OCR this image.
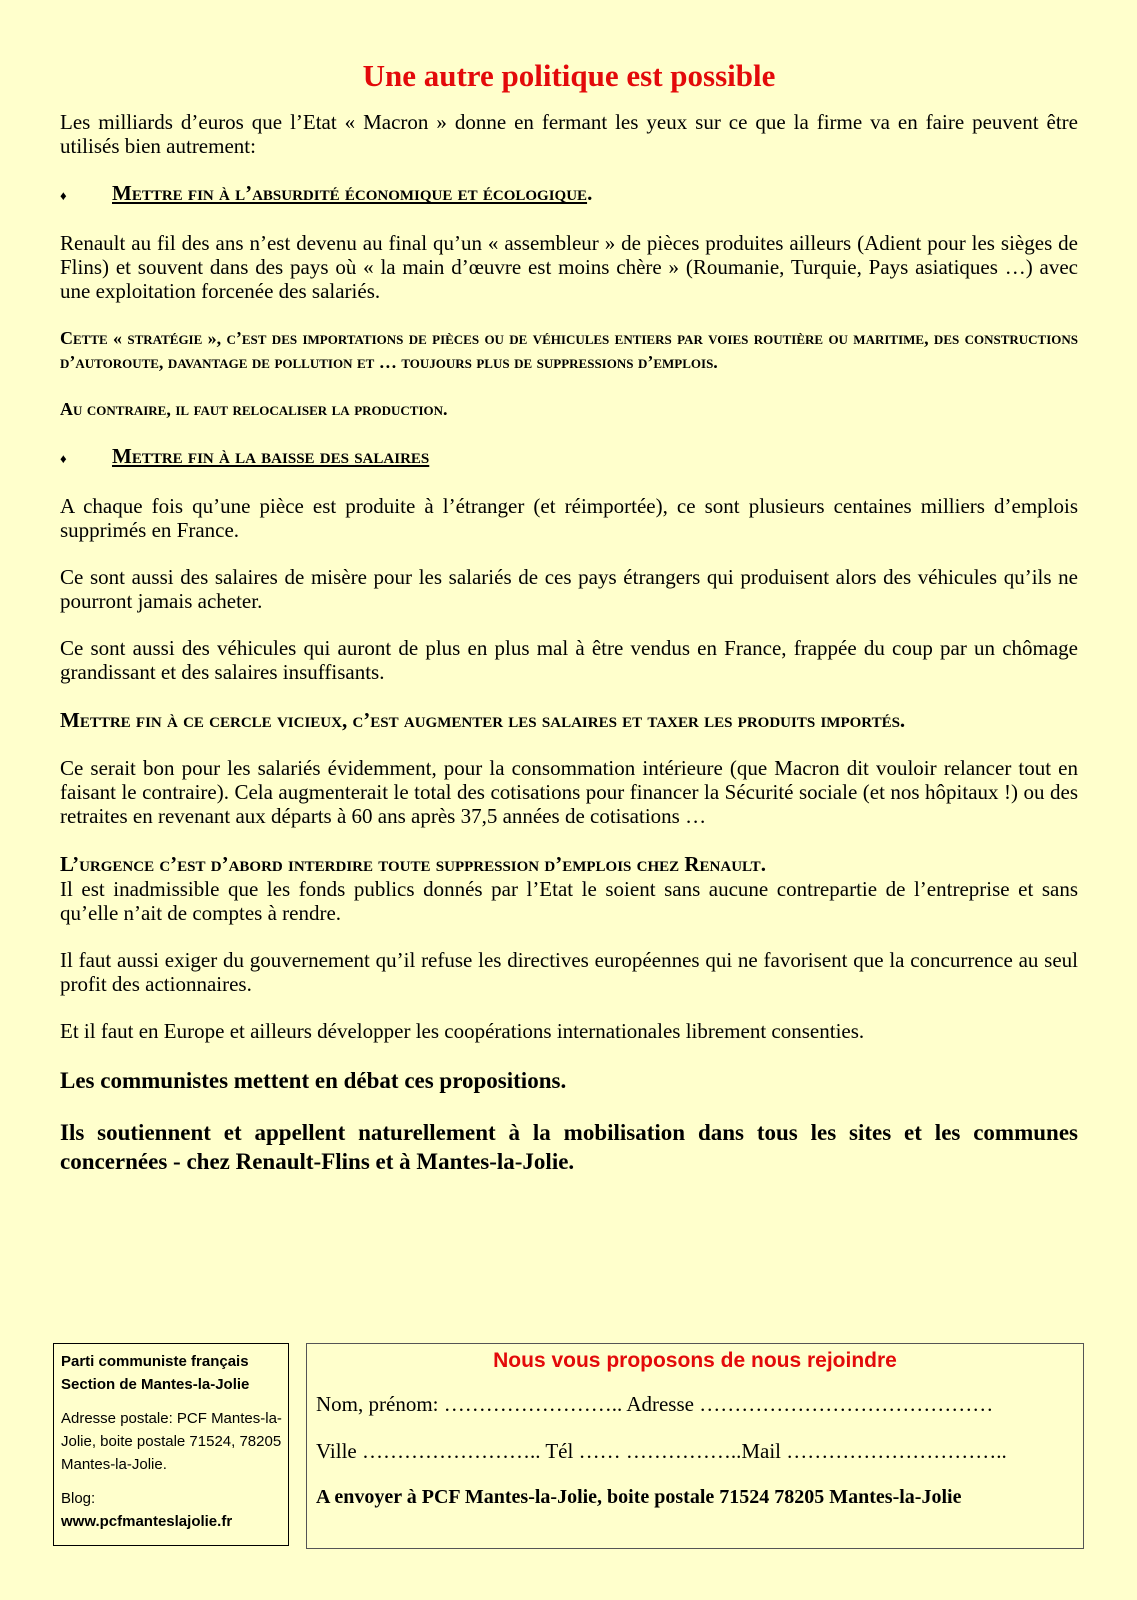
Une autre politique est possible

Les milliards d’euros que l’Etat « Macron » donne en fermant les yeux sur ce que la firme va en faire peuvent être utilisés bien autrement:

♦	Mettre fin à l’absurdité économique et écologique .

Renault au fil des ans n’est devenu au final qu’un « assembleur » de pièces produites ailleurs (Adient pour les sièges de Flins) et souvent dans des pays où « la main d’œuvre est moins chère » (Roumanie, Turquie, Pays asiatiques …) avec une exploitation forcenée des salariés.

Cette « stratégie », c’est des importations de pièces ou de véhicules entiers par voies routière ou maritime, des constructions d’autoroute, davantage de pollution et … toujours plus de suppressions d’emplois.

Au contraire, il faut relocaliser la production.

♦	Mettre fin à la baisse des salaires

A chaque fois qu’une pièce est produite à l’étranger (et réimportée), ce sont plusieurs centaines milliers d’emplois supprimés en France.

Ce sont aussi des salaires de misère pour les salariés de ces pays étrangers qui produisent alors des véhicules qu’ils ne pourront jamais acheter.

Ce sont aussi des véhicules qui auront de plus en plus mal à être vendus en France, frappée du coup par un chômage grandissant et des salaires insuffisants.

Mettre fin à ce cercle vicieux, c’est augmenter les salaires et taxer les produits importés.

Ce serait bon pour les salariés évidemment, pour la consommation intérieure (que Macron dit vouloir relancer tout en faisant le contraire). Cela augmenterait le total des cotisations pour financer la Sécurité sociale (et nos hôpitaux !) ou des retraites en revenant aux départs à 60 ans après 37,5 années de cotisations …

L’urgence c’est d’abord interdire toute suppression d’emplois chez Renault.

Il est inadmissible que les fonds publics donnés par l’Etat le soient sans aucune contrepartie de l’entreprise et sans qu’elle n’ait de comptes à rendre.

Il faut aussi exiger du gouvernement qu’il refuse les directives européennes qui ne favorisent que la concurrence au seul profit des actionnaires.

Et il faut en Europe et ailleurs développer les coopérations internationales librement consenties.

Les communistes mettent en débat ces propositions.

Ils soutiennent et appellent naturellement à la mobilisation dans tous les sites et les communes concernées - chez Renault-Flins et à Mantes-la-Jolie.

Parti communiste français
Section de Mantes-la-Jolie
Adresse postale: PCF Mantes-la-Jolie, boite postale 71524, 78205 Mantes-la-Jolie.
Blog:
www.pcfmanteslajolie.fr
Nous vous proposons de nous rejoindre
Nom, prénom: …………………….. Adresse ……………………………………
Ville …………………….. Tél …… ……………..Mail …………………………..
A envoyer à PCF Mantes-la-Jolie, boite postale 71524 78205 Mantes-la-Jolie
